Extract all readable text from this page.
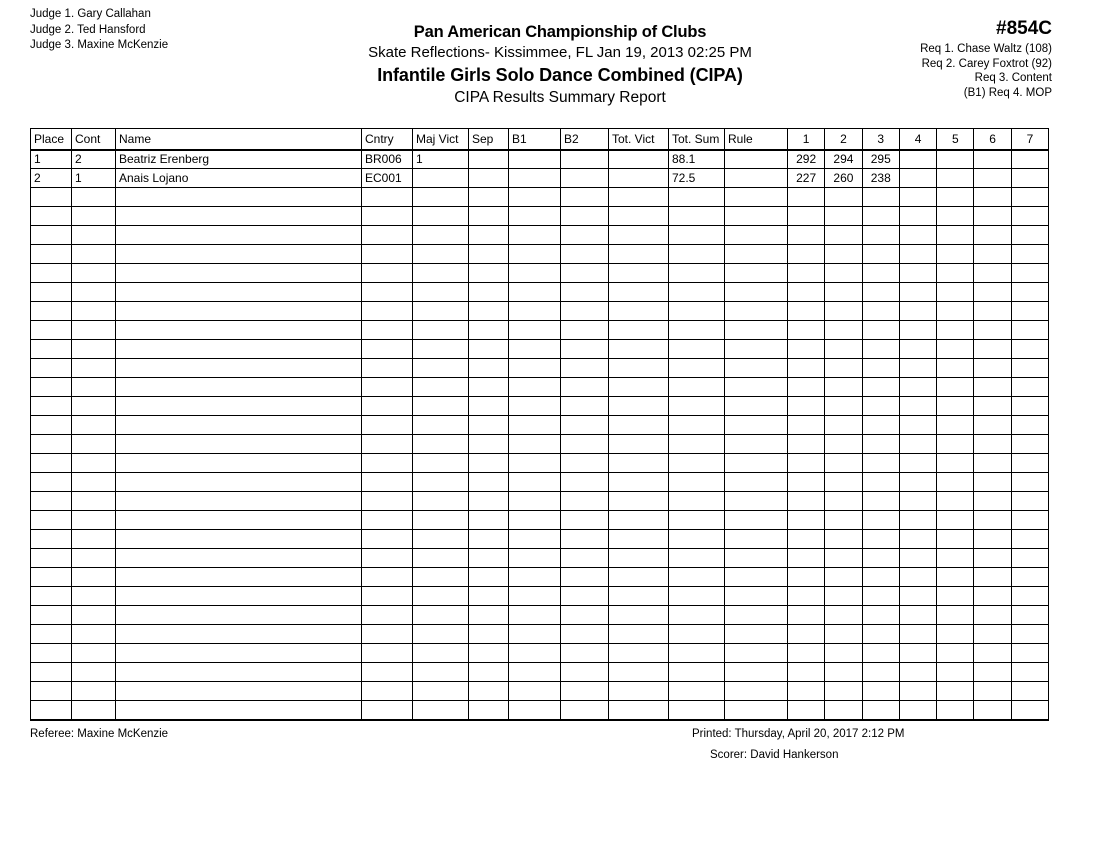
Judge 1. Gary Callahan
Judge 2. Ted Hansford
Judge 3. Maxine McKenzie
Pan American Championship of Clubs
Skate Reflections- Kissimmee, FL Jan 19, 2013 02:25 PM
Infantile Girls Solo Dance Combined (CIPA)
CIPA Results Summary Report
#854C
Req 1. Chase Waltz (108)
Req 2. Carey Foxtrot (92)
Req 3. Content
(B1) Req 4. MOP
Place	Cont	Name	Cntry	Maj Vict	Sep	B1	B2	Tot. Vict	Tot. Sum	Rule	1	2	3	4	5	6	7
1	2	Beatriz Erenberg	BR006	1					88.1		292	294	295				
2	1	Anais Lojano	EC001						72.5		227	260	238				

Referee: Maxine McKenzie	Printed: Thursday, April 20, 2017 2:12 PM
Scorer: David Hankerson
